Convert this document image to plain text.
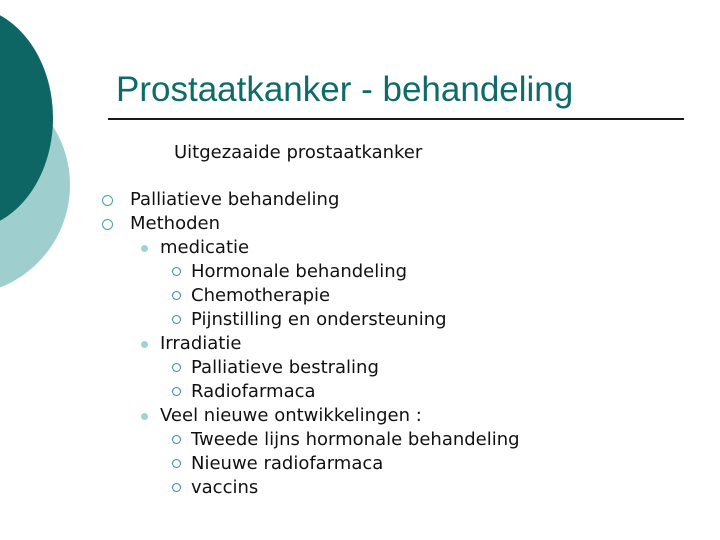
Prostaatkanker - behandeling
Uitgezaaide prostaatkanker
Palliatieve behandeling
Methoden
medicatie
Hormonale behandeling
Chemotherapie
Pijnstilling en ondersteuning
Irradiatie
Palliatieve bestraling
Radiofarmaca
Veel nieuwe ontwikkelingen :
Tweede lijns hormonale behandeling
Nieuwe radiofarmaca
vaccins
